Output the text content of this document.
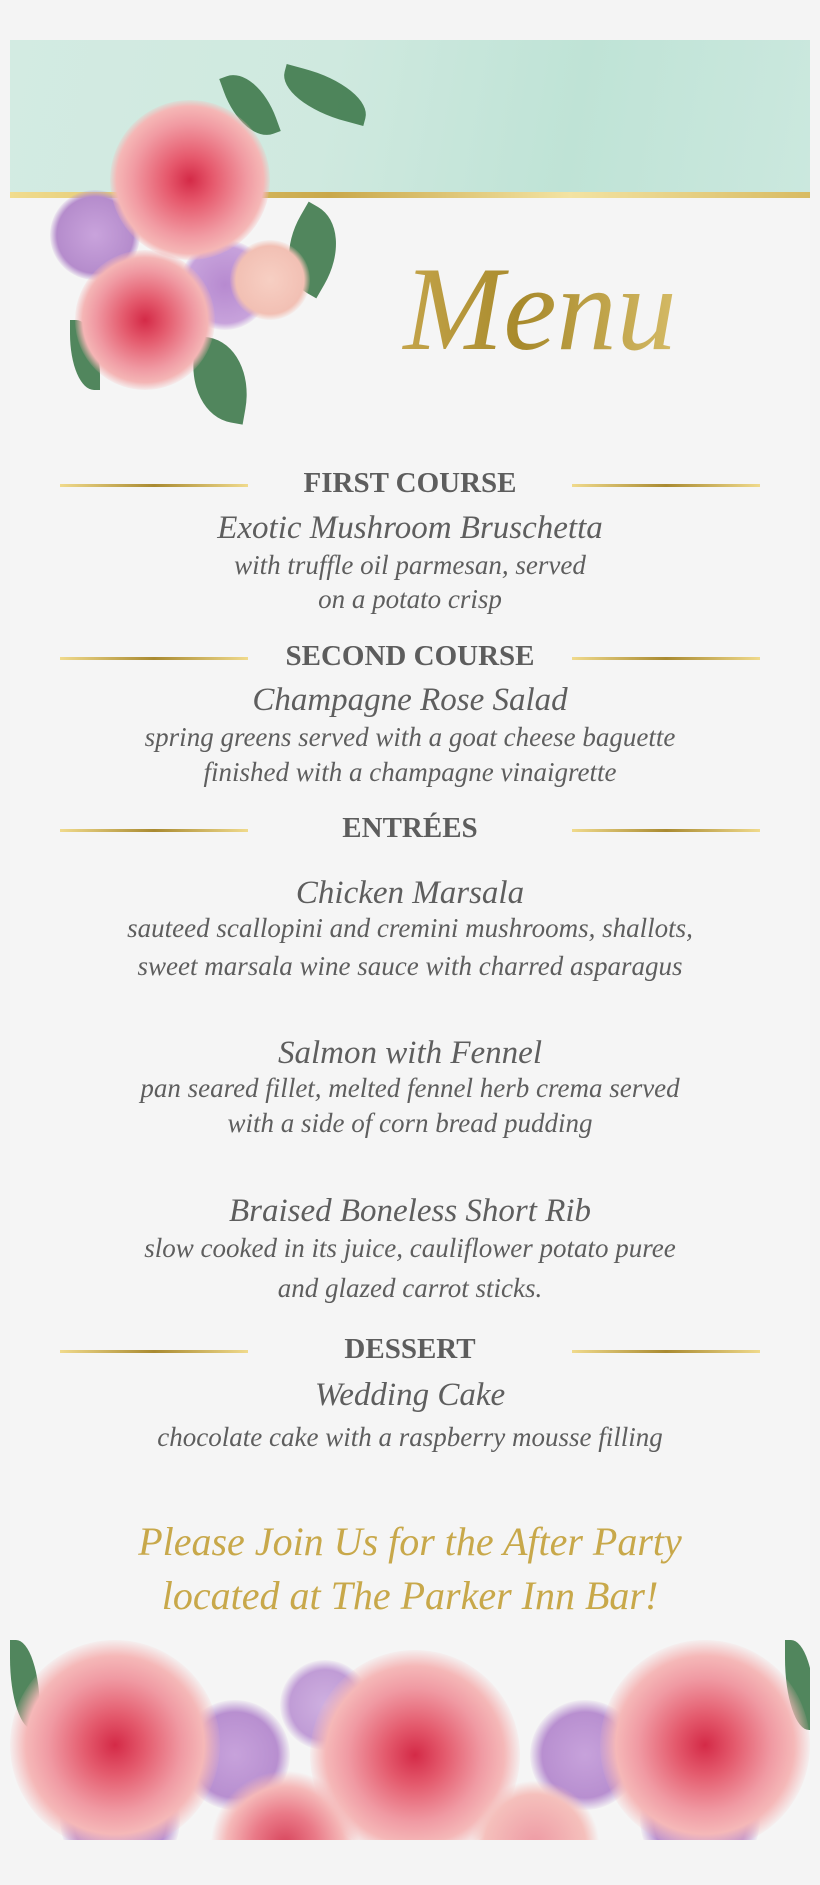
Menu
FIRST COURSE
Exotic Mushroom Bruschetta
with truffle oil parmesan, served
on a potato crisp
SECOND COURSE
Champagne Rose Salad
spring greens served with a goat cheese baguette
finished with a champagne vinaigrette
ENTRÉES
Chicken Marsala
sauteed scallopini and cremini mushrooms, shallots,
sweet marsala wine sauce with charred asparagus
Salmon with Fennel
pan seared fillet, melted fennel herb crema served
with a side of corn bread pudding
Braised Boneless Short Rib
slow cooked in its juice, cauliflower potato puree
and glazed carrot sticks.
DESSERT
Wedding Cake
chocolate cake with a raspberry mousse filling
Please Join Us for the After Party
located at The Parker Inn Bar!
